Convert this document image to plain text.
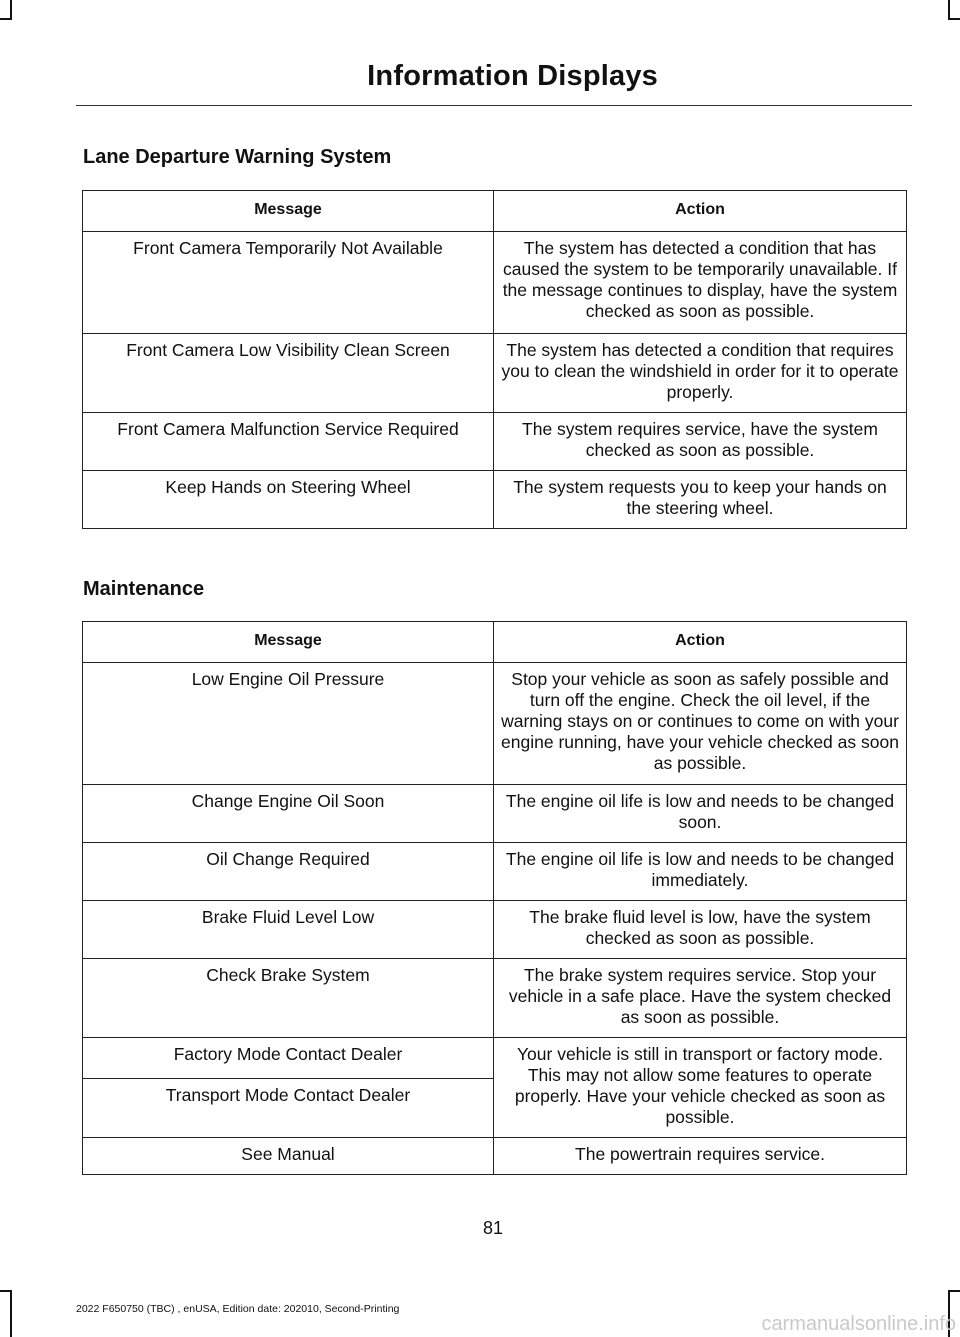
Information Displays
Lane Departure Warning System
Message	Action
Front Camera Temporarily Not Available	The system has detected a condition that has caused the system to be temporarily unavailable. If the message continues to display, have the system checked as soon as possible.
Front Camera Low Visibility Clean Screen	The system has detected a condition that requires you to clean the windshield in order for it to operate properly.
Front Camera Malfunction Service Required	The system requires service, have the system checked as soon as possible.
Keep Hands on Steering Wheel	The system requests you to keep your hands on the steering wheel.
Maintenance
Message	Action
Low Engine Oil Pressure	Stop your vehicle as soon as safely possible and turn off the engine. Check the oil level, if the warning stays on or continues to come on with your engine running, have your vehicle checked as soon as possible.
Change Engine Oil Soon	The engine oil life is low and needs to be changed soon.
Oil Change Required	The engine oil life is low and needs to be changed immediately.
Brake Fluid Level Low	The brake fluid level is low, have the system checked as soon as possible.
Check Brake System	The brake system requires service. Stop your vehicle in a safe place. Have the system checked as soon as possible.
Factory Mode Contact Dealer	Your vehicle is still in transport or factory mode. This may not allow some features to operate properly. Have your vehicle checked as soon as possible.
Transport Mode Contact Dealer	
See Manual	The powertrain requires service.
81
2022 F650750 (TBC) , enUSA, Edition date: 202010, Second-Printing
carmanualsonline.info
